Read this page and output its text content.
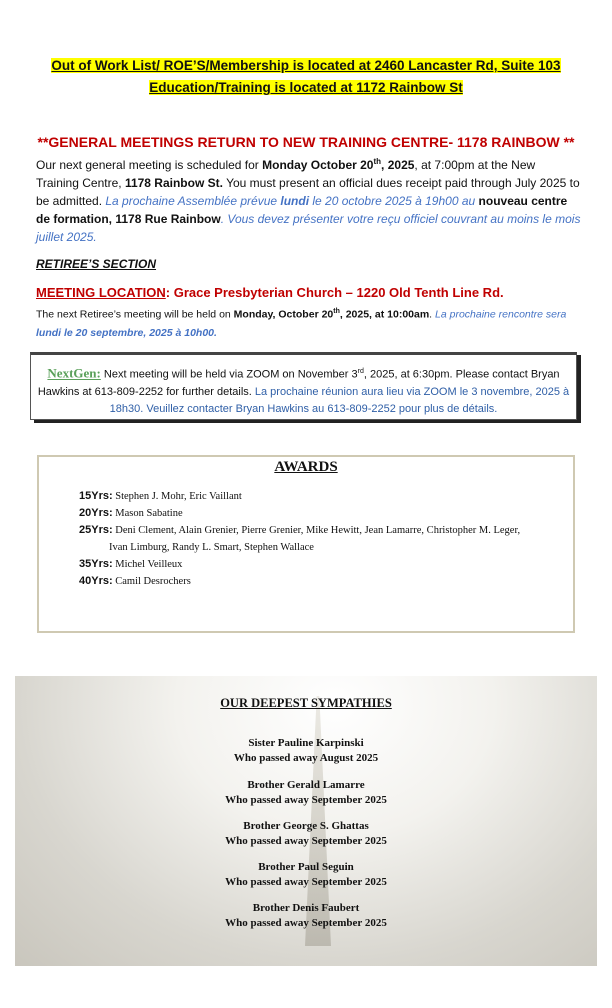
Out of Work List/ ROE’S/Membership is located at 2460 Lancaster Rd, Suite 103
Education/Training is located at 1172 Rainbow St
**GENERAL MEETINGS RETURN TO NEW TRAINING CENTRE- 1178 RAINBOW **

Our next general meeting is scheduled for Monday October 20th, 2025, at 7:00pm at the New Training Centre, 1178 Rainbow St. You must present an official dues receipt paid through July 2025 to be admitted. La prochaine Assemblée prévue lundi le 20 octobre 2025 à 19h00 au nouveau centre de formation, 1178 Rue Rainbow. Vous devez présenter votre reçu officiel couvrant au moins le mois juillet 2025.

RETIREE’S SECTION
MEETING LOCATION: Grace Presbyterian Church – 1220 Old Tenth Line Rd.

The next Retiree’s meeting will be held on Monday, October 20th, 2025, at 10:00am. La prochaine rencontre sera lundi le 20 septembre, 2025 à 10h00.

NextGen: Next meeting will be held via ZOOM on November 3rd, 2025, at 6:30pm. Please contact Bryan Hawkins at 613-809-2252 for further details. La prochaine réunion aura lieu via ZOOM le 3 novembre, 2025 à 18h30. Veuillez contacter Bryan Hawkins au 613-809-2252 pour plus de détails.
AWARDS
15Yrs: Stephen J. Mohr, Eric Vaillant
20Yrs: Mason Sabatine
25Yrs: Deni Clement, Alain Grenier, Pierre Grenier, Mike Hewitt, Jean Lamarre, Christopher M. Leger,
Ivan Limburg, Randy L. Smart, Stephen Wallace
35Yrs: Michel Veilleux
40Yrs: Camil Desrochers
OUR DEEPEST SYMPATHIES
Sister Pauline Karpinski
Who passed away August 2025
Brother Gerald Lamarre
Who passed away September 2025
Brother George S. Ghattas
Who passed away September 2025
Brother Paul Seguin
Who passed away September 2025
Brother Denis Faubert
Who passed away September 2025
